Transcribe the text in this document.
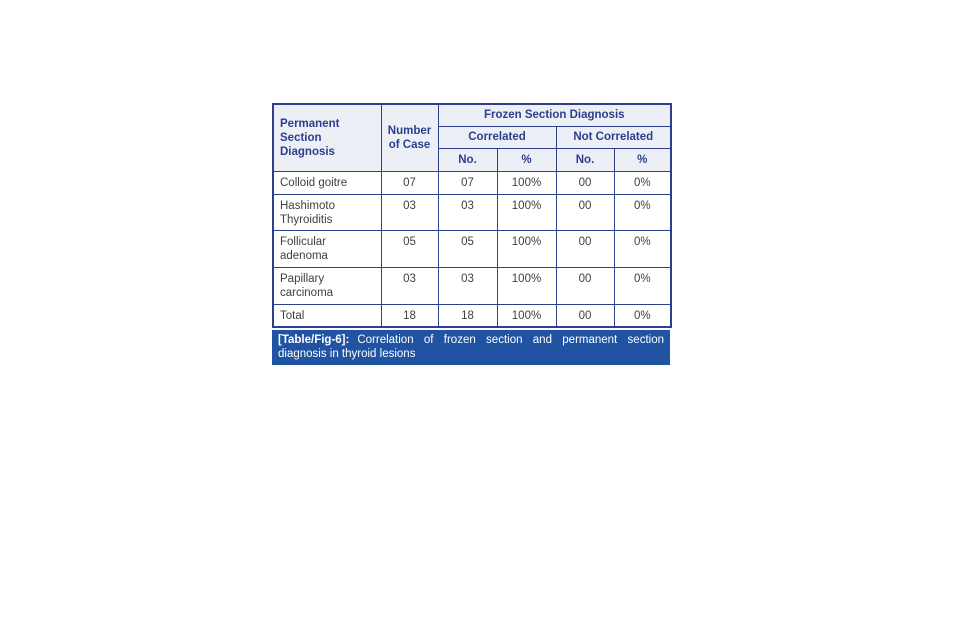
Permanent Section Diagnosis	Number of Case	Frozen Section Diagnosis			
		Correlated		Not Correlated	
		No.	%	No.	%
Colloid goitre	07	07	100%	00	0%
Hashimoto Thyroiditis	03	03	100%	00	0%
Follicular adenoma	05	05	100%	00	0%
Papillary carcinoma	03	03	100%	00	0%
Total	18	18	100%	00	0%
[Table/Fig-6]: Correlation of frozen section and permanent section diagnosis in thyroid lesions
